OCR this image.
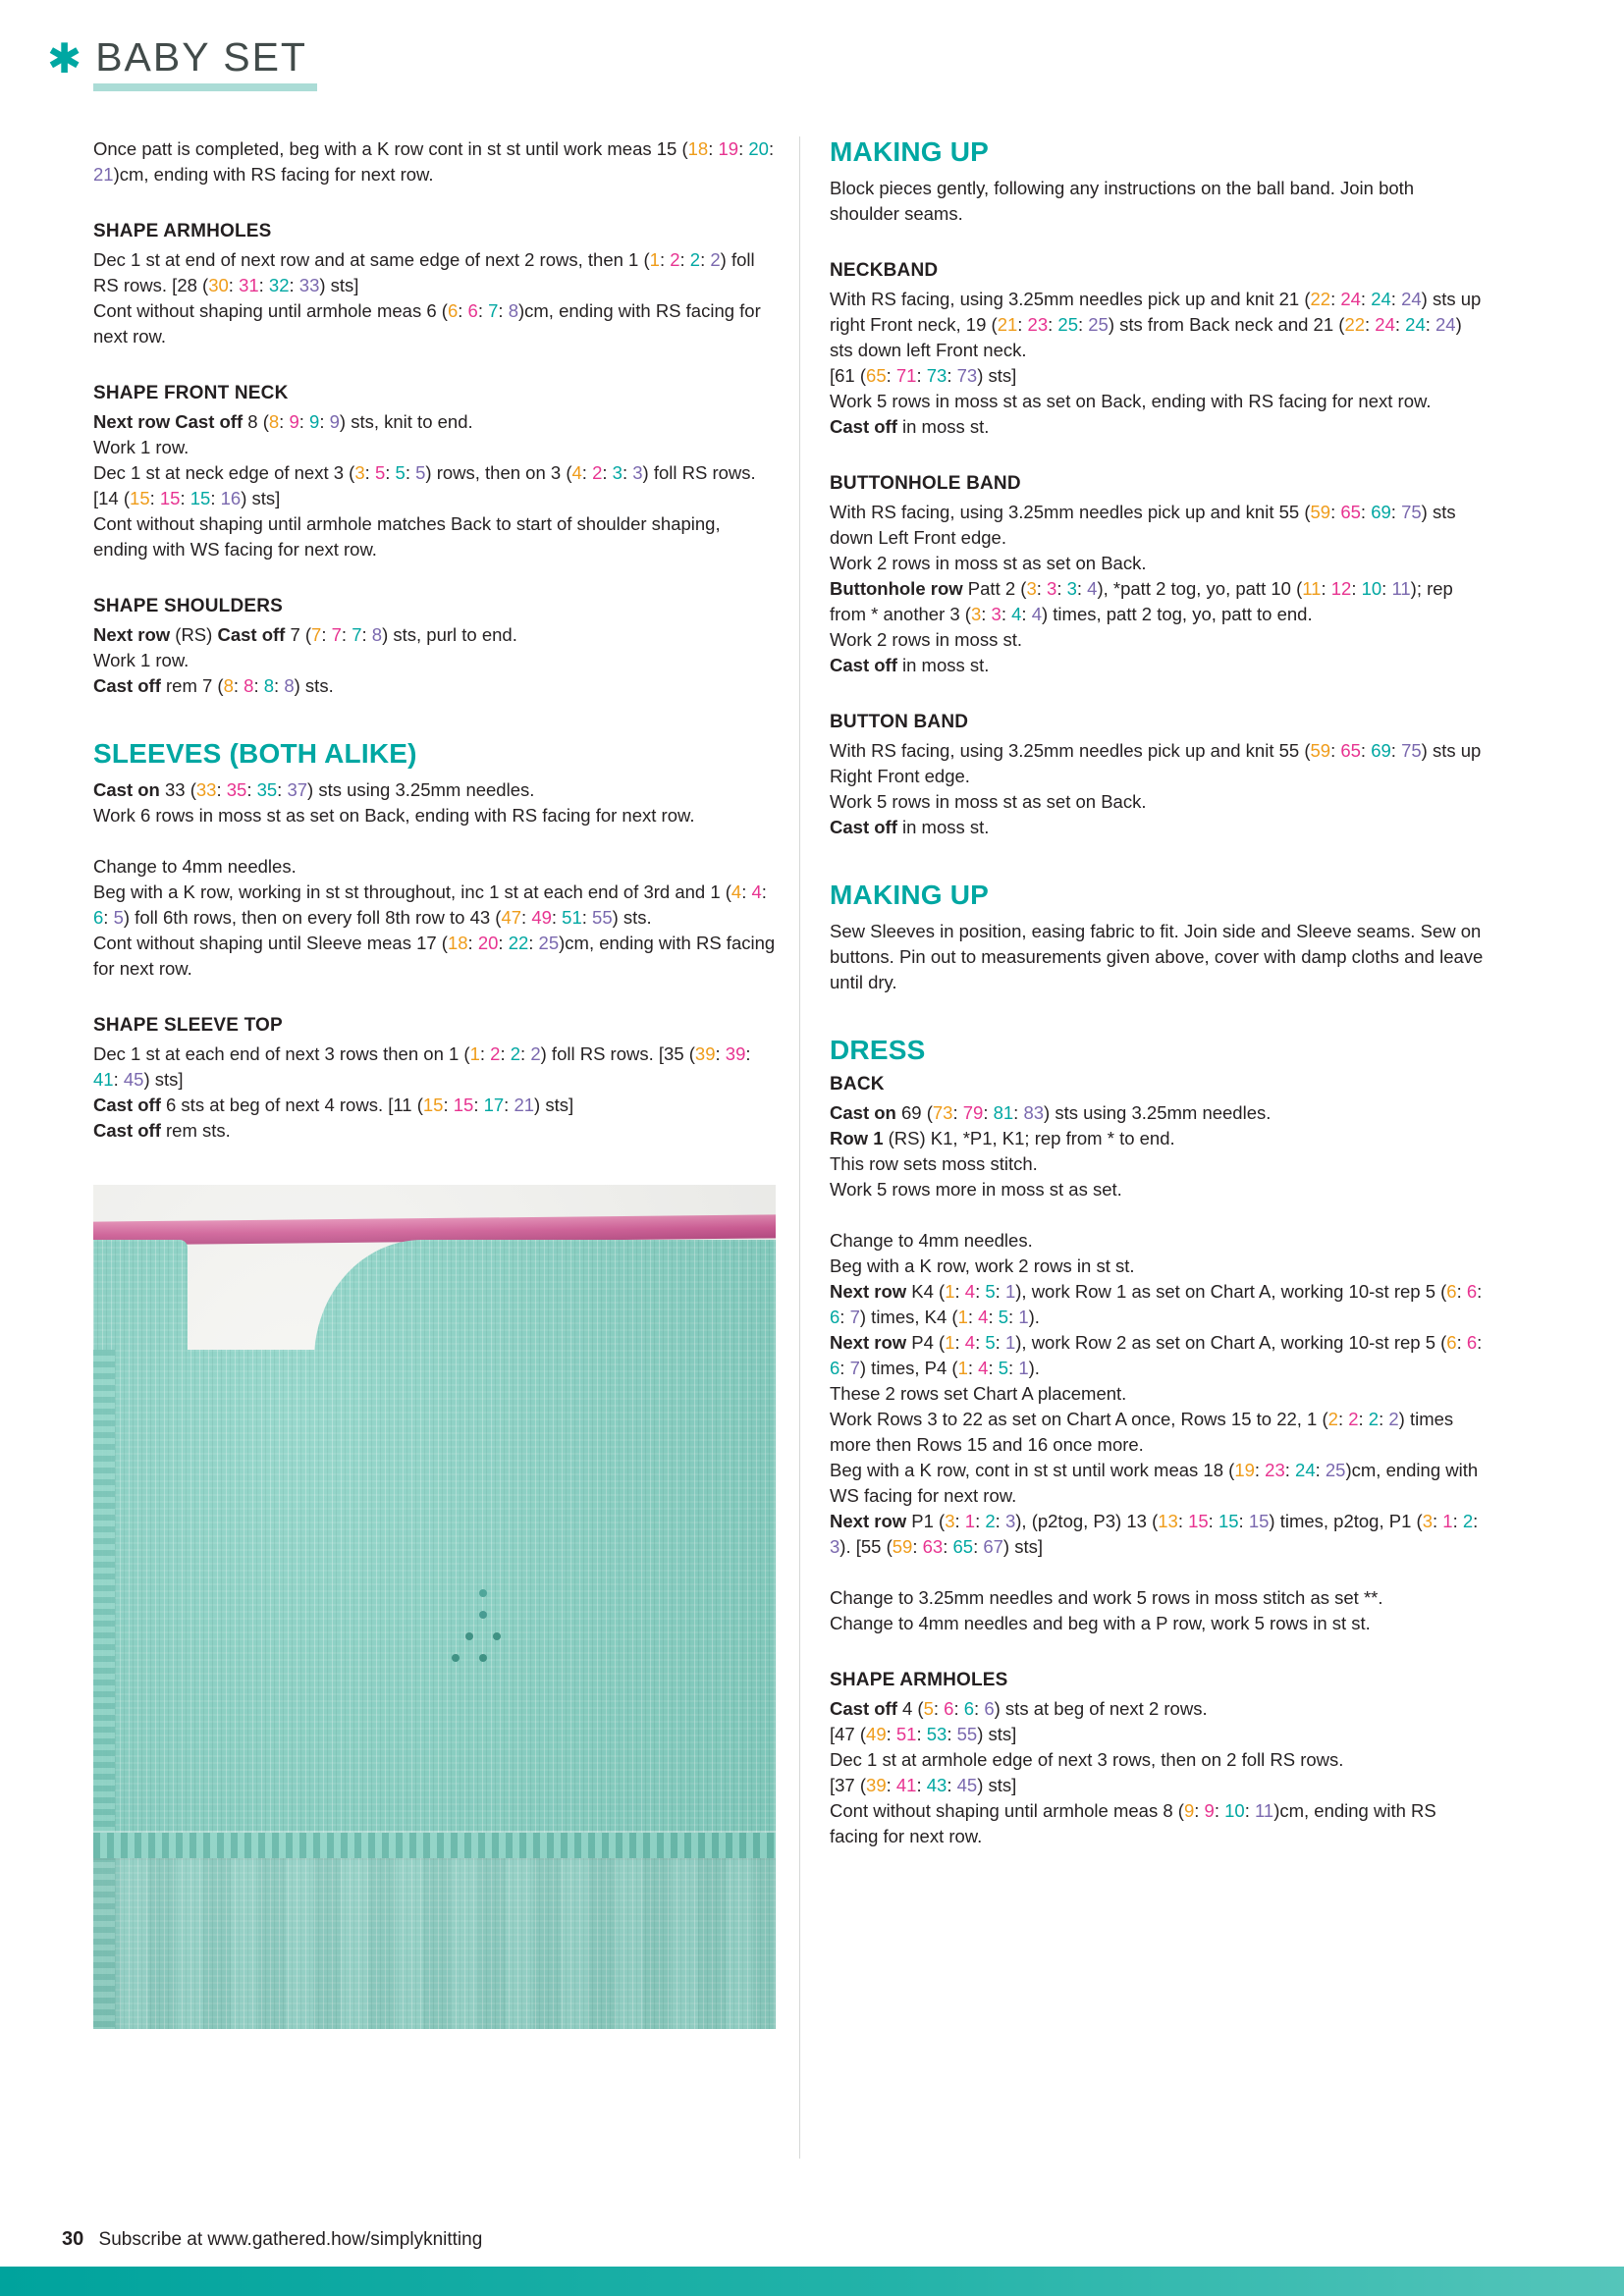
✱ BABY SET

Once patt is completed, beg with a K row cont in st st until work meas 15 (18: 19: 20: 21)cm, ending with RS facing for next row.

SHAPE ARMHOLES

Dec 1 st at end of next row and at same edge of next 2 rows, then 1 (1: 2: 2: 2) foll RS rows. [28 (30: 31: 32: 33) sts]

Cont without shaping until armhole meas 6 (6: 6: 7: 8)cm, ending with RS facing for next row.

SHAPE FRONT NECK

Next row Cast off 8 (8: 9: 9: 9) sts, knit to end.

Work 1 row.

Dec 1 st at neck edge of next 3 (3: 5: 5: 5) rows, then on 3 (4: 2: 3: 3) foll RS rows. [14 (15: 15: 15: 16) sts]

Cont without shaping until armhole matches Back to start of shoulder shaping, ending with WS facing for next row.

SHAPE SHOULDERS

Next row (RS) Cast off 7 (7: 7: 7: 8) sts, purl to end.

Work 1 row.

Cast off rem 7 (8: 8: 8: 8) sts.

SLEEVES (BOTH ALIKE)

Cast on 33 (33: 35: 35: 37) sts using 3.25mm needles.

Work 6 rows in moss st as set on Back, ending with RS facing for next row.

Change to 4mm needles.

Beg with a K row, working in st st throughout, inc 1 st at each end of 3rd and 1 (4: 4: 6: 5) foll 6th rows, then on every foll 8th row to 43 (47: 49: 51: 55) sts.

Cont without shaping until Sleeve meas 17 (18: 20: 22: 25)cm, ending with RS facing for next row.

SHAPE SLEEVE TOP

Dec 1 st at each end of next 3 rows then on 1 (1: 2: 2: 2) foll RS rows. [35 (39: 39: 41: 45) sts]

Cast off 6 sts at beg of next 4 rows. [11 (15: 15: 17: 21) sts]

Cast off rem sts.

MAKING UP

Block pieces gently, following any instructions on the ball band. Join both shoulder seams.

NECKBAND

With RS facing, using 3.25mm needles pick up and knit 21 (22: 24: 24: 24) sts up right Front neck, 19 (21: 23: 25: 25) sts from Back neck and 21 (22: 24: 24: 24) sts down left Front neck.

[61 (65: 71: 73: 73) sts]

Work 5 rows in moss st as set on Back, ending with RS facing for next row.

Cast off in moss st.

BUTTONHOLE BAND

With RS facing, using 3.25mm needles pick up and knit 55 (59: 65: 69: 75) sts down Left Front edge.

Work 2 rows in moss st as set on Back.

Buttonhole row Patt 2 (3: 3: 3: 4), *patt 2 tog, yo, patt 10 (11: 12: 10: 11); rep from * another 3 (3: 3: 4: 4) times, patt 2 tog, yo, patt to end.

Work 2 rows in moss st.

Cast off in moss st.

BUTTON BAND

With RS facing, using 3.25mm needles pick up and knit 55 (59: 65: 69: 75) sts up Right Front edge.

Work 5 rows in moss st as set on Back.

Cast off in moss st.

MAKING UP

Sew Sleeves in position, easing fabric to fit. Join side and Sleeve seams. Sew on buttons. Pin out to measurements given above, cover with damp cloths and leave until dry.

DRESS
BACK

Cast on 69 (73: 79: 81: 83) sts using 3.25mm needles.

Row 1 (RS) K1, *P1, K1; rep from * to end.

This row sets moss stitch.

Work 5 rows more in moss st as set.

Change to 4mm needles.

Beg with a K row, work 2 rows in st st.

Next row K4 (1: 4: 5: 1), work Row 1 as set on Chart A, working 10-st rep 5 (6: 6: 6: 7) times, K4 (1: 4: 5: 1).

Next row P4 (1: 4: 5: 1), work Row 2 as set on Chart A, working 10-st rep 5 (6: 6: 6: 7) times, P4 (1: 4: 5: 1).

These 2 rows set Chart A placement.

Work Rows 3 to 22 as set on Chart A once, Rows 15 to 22, 1 (2: 2: 2: 2) times more then Rows 15 and 16 once more.

Beg with a K row, cont in st st until work meas 18 (19: 23: 24: 25)cm, ending with WS facing for next row.

Next row P1 (3: 1: 2: 3), (p2tog, P3) 13 (13: 15: 15: 15) times, p2tog, P1 (3: 1: 2: 3). [55 (59: 63: 65: 67) sts]

Change to 3.25mm needles and work 5 rows in moss stitch as set **.

Change to 4mm needles and beg with a P row, work 5 rows in st st.

SHAPE ARMHOLES

Cast off 4 (5: 6: 6: 6) sts at beg of next 2 rows.

[47 (49: 51: 53: 55) sts]

Dec 1 st at armhole edge of next 3 rows, then on 2 foll RS rows.

[37 (39: 41: 43: 45) sts]

Cont without shaping until armhole meas 8 (9: 9: 10: 11)cm, ending with RS facing for next row.

30 Subscribe at www.gathered.how/simplyknitting
